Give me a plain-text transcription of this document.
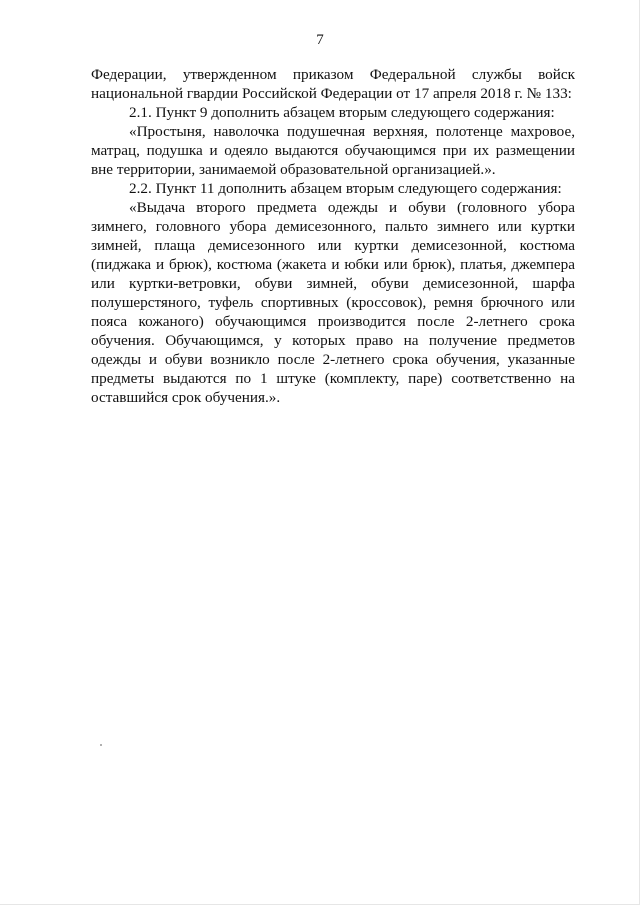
7

Федерации, утвержденном приказом Федеральной службы войск национальной гвардии Российской Федерации от 17 апреля 2018 г. № 133:

2.1. Пункт 9 дополнить абзацем вторым следующего содержания:

«Простыня, наволочка подушечная верхняя, полотенце махровое, матрац, подушка и одеяло выдаются обучающимся при их размещении вне территории, занимаемой образовательной организацией.».

2.2. Пункт 11 дополнить абзацем вторым следующего содержания:

«Выдача второго предмета одежды и обуви (головного убора зимнего, головного убора демисезонного, пальто зимнего или куртки зимней, плаща демисезонного или куртки демисезонной, костюма (пиджака и брюк), костюма (жакета и юбки или брюк), платья, джемпера или куртки-ветровки, обуви зимней, обуви демисезонной, шарфа полушерстяного, туфель спортивных (кроссовок), ремня брючного или пояса кожаного) обучающимся производится после 2-летнего срока обучения. Обучающимся, у которых право на получение предметов одежды и обуви возникло после 2-летнего срока обучения, указанные предметы выдаются по 1 штуке (комплекту, паре) соответственно на оставшийся срок обучения.».
